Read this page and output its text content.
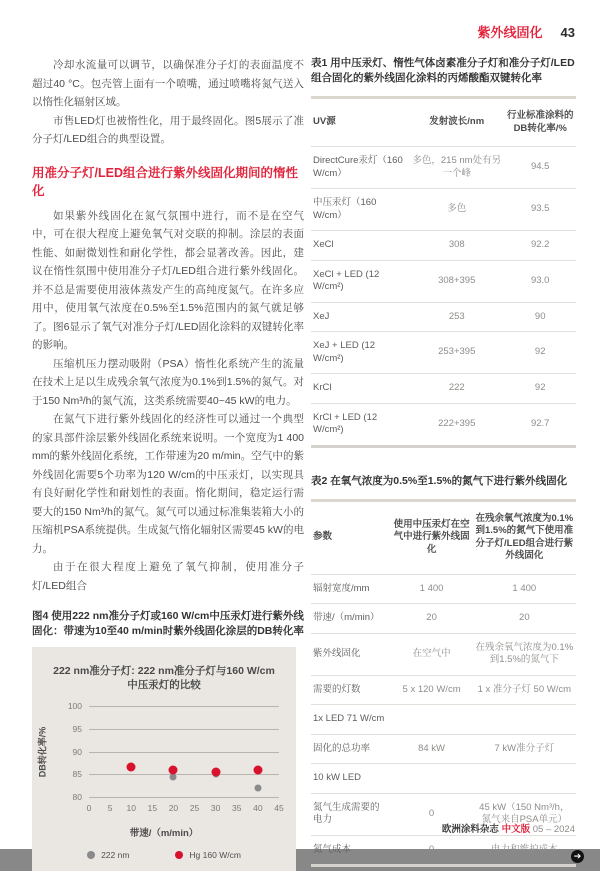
紫外线固化 43

冷却水流量可以调节，以确保准分子灯的表面温度不超过40 °C。包壳管上面有一个喷嘴，通过喷嘴将氮气送入以惰性化辐射区域。

市售LED灯也被惰性化，用于最终固化。图5展示了准分子灯/LED组合的典型设置。

用准分子灯/LED组合进行紫外线固化期间的惰性化

如果紫外线固化在氮气氛围中进行，而不是在空气中，可在很大程度上避免氧气对交联的抑制。涂层的表面性能、如耐微划性和耐化学性，都会显著改善。因此，建议在惰性氛围中使用准分子灯/LED组合进行紫外线固化。并不总是需要使用液体蒸发产生的高纯度氮气。在许多应用中，使用氧气浓度在0.5%至1.5%范围内的氮气就足够了。图6显示了氧气对准分子灯/LED固化涂料的双键转化率的影响。

压缩机压力摆动吸附（PSA）惰性化系统产生的流量在技术上足以生成残余氧气浓度为0.1%到1.5%的氮气。对于150 Nm³/h的氮气流，这类系统需要40~45 kW的电力。

在氮气下进行紫外线固化的经济性可以通过一个典型的家具部件涂层紫外线固化系统来说明。一个宽度为1 400 mm的紫外线固化系统，工作带速为20 m/min。空气中的紫外线固化需要5个功率为120 W/cm的中压汞灯，以实现具有良好耐化学性和耐划性的表面。惰化期间，稳定运行需要大的150 Nm³/h的氮气。氮气可以通过标准集装箱大小的压缩机PSA系统提供。生成氮气惰化辐射区需要45 kW的电力。

由于在很大程度上避免了氧气抑制，使用准分子灯/LED组合

图4 使用222 nm准分子灯或160 W/cm中压汞灯进行紫外线固化：带速为10至40 m/min时紫外线固化涂层的DB转化率
222 nm准分子灯: 222 nm准分子灯与160 W/cm中压汞灯的比较
DB转化率/%
80
85
90
95
100
0 5 10 15 20 25 30 35 40 45
带速/（m/min）
222 nm	Hg 160 W/cm
表1 用中压汞灯、惰性气体卤素准分子灯和准分子灯/LED组合固化的紫外线固化涂料的丙烯酸酯双键转化率
UV源	发射波长/nm	行业标准涂料的DB转化率/%
DirectCure汞灯（160 W/cm）	多色，215 nm处有另一个峰	94.5
中压汞灯（160 W/cm）	多色	93.5
XeCl	308	92.2
XeCl + LED (12 W/cm²)	308+395	93.0
XeJ	253	90
XeJ + LED (12 W/cm²)	253+395	92
KrCl	222	92
KrCl + LED (12 W/cm²)	222+395	92.7
表2 在氧气浓度为0.5%至1.5%的氮气下进行紫外线固化
参数	使用中压汞灯在空气中进行紫外线固化	在残余氧气浓度为0.1%到1.5%的氮气下使用准分子灯/LED组合进行紫外线固化
辐射宽度/mm	1 400	1 400
带速/（m/min）	20	20
紫外线固化	在空气中	在残余氧气浓度为0.1%到1.5%的氮气下
需要的灯数	5 x 120 W/cm	1 x 准分子灯 50 W/cm
1x LED 71 W/cm		
固化的总功率	84 kW	7 kW准分子灯
10 kW LED		
氮气生成需要的电力	0	45 kW（150 Nm³/h，氮气来自PSA单元）
氮气成本	0	电力和维护成本
➔
欧洲涂料杂志 中文版 05 – 2024
